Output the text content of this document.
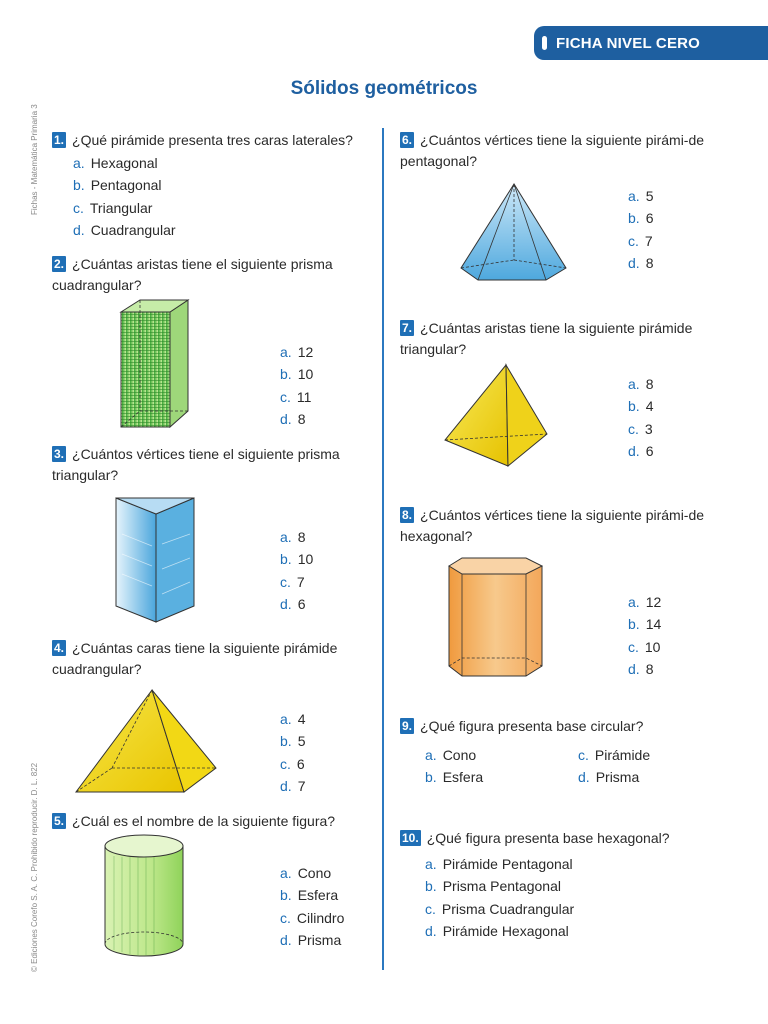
FICHA NIVEL CERO
Sólidos geométricos
Fichas - Matemática Primaria 3
© Ediciones Corefo S. A. C. Prohibido reproducir. D. L. 822
1. ¿Qué pirámide presenta tres caras laterales?
a. Hexagonal
b. Pentagonal
c. Triangular
d. Cuadrangular
2. ¿Cuántas aristas tiene el siguiente prisma cuadrangular?
a. 12
b. 10
c. 11
d. 8
3. ¿Cuántos vértices tiene el siguiente prisma triangular?
a. 8
b. 10
c. 7
d. 6
4. ¿Cuántas caras tiene la siguiente pirámide cuadrangular?
a. 4
b. 5
c. 6
d. 7
5. ¿Cuál es el nombre de la siguiente figura?
a. Cono
b. Esfera
c. Cilindro
d. Prisma
6. ¿Cuántos vértices tiene la siguiente pirámi-de pentagonal?
a. 5
b. 6
c. 7
d. 8
7. ¿Cuántas aristas tiene la siguiente pirámide triangular?
a. 8
b. 4
c. 3
d. 6
8. ¿Cuántos vértices tiene la siguiente pirámi-de hexagonal?
a. 12
b. 14
c. 10
d. 8
9. ¿Qué figura presenta base circular?
a. Cono
b. Esfera
c. Pirámide
d. Prisma
10. ¿Qué figura presenta base hexagonal?
a. Pirámide Pentagonal
b. Prisma Pentagonal
c. Prisma Cuadrangular
d. Pirámide Hexagonal
